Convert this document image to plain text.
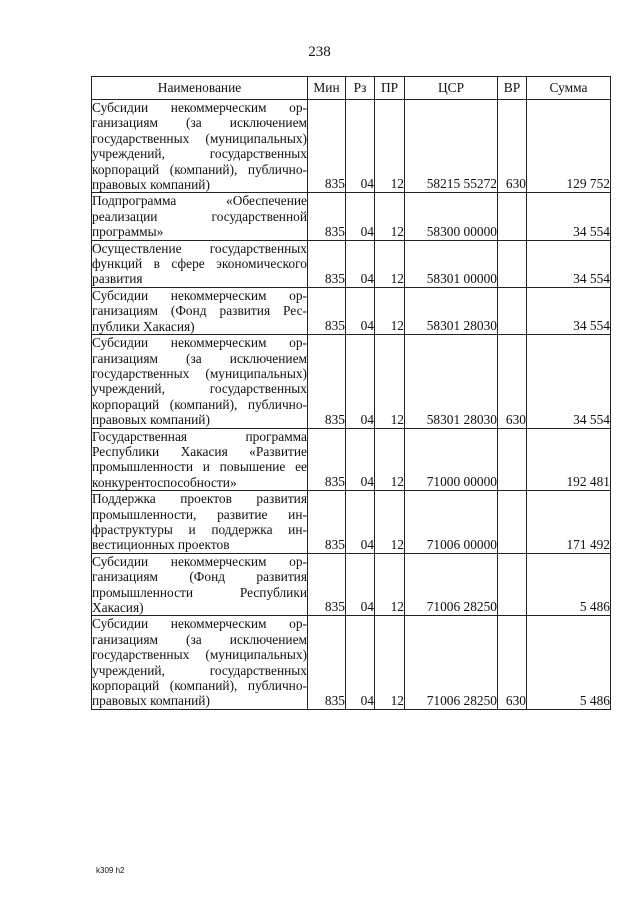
238
Наименование	Мин	Рз	ПР	ЦСР	ВР	Сумма
Субсидии некоммерческим организациям (за исключением государственных (муниципальных) учреждений, государственных корпораций (компаний), публично-правовых компаний)	835	04	12	58215 55272	630	129 752
Подпрограмма «Обеспечение реализации государственной программы»	835	04	12	58300 00000		34 554
Осуществление государственных функций в сфере экономического развития	835	04	12	58301 00000		34 554
Субсидии некоммерческим организациям (Фонд развития Республики Хакасия)	835	04	12	58301 28030		34 554
Субсидии некоммерческим организациям (за исключением государственных (муниципальных) учреждений, государственных корпораций (компаний), публично-правовых компаний)	835	04	12	58301 28030	630	34 554
Государственная программа Республики Хакасия «Развитие промышленности и повышение ее конкурентоспособности»	835	04	12	71000 00000		192 481
Поддержка проектов развития промышленности, развитие инфраструктуры и поддержка инвестиционных проектов	835	04	12	71006 00000		171 492
Субсидии некоммерческим организациям (Фонд развития промышленности Республики Хакасия)	835	04	12	71006 28250		5 486
Субсидии некоммерческим организациям (за исключением государственных (муниципальных) учреждений, государственных корпораций (компаний), публично-правовых компаний)	835	04	12	71006 28250	630	5 486
k309 h2
